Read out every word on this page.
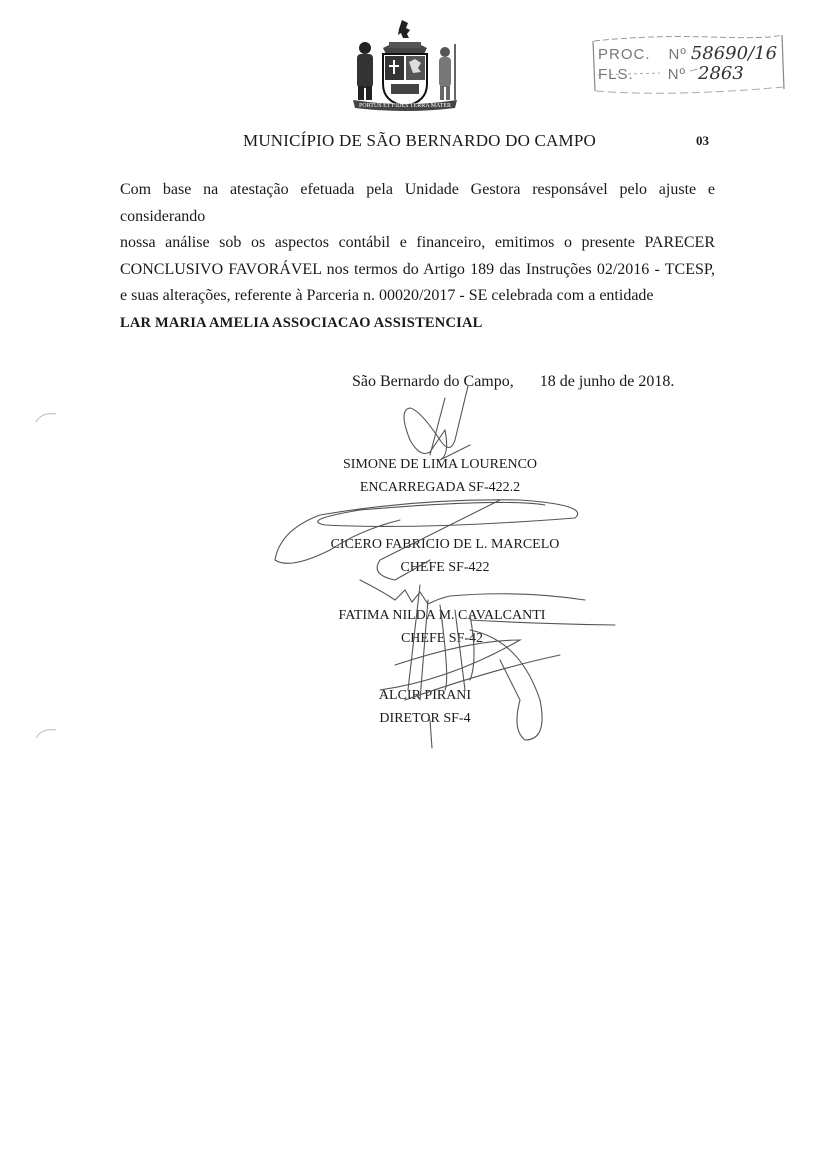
PORTUS ET FIDES TERRA MATER
PROC. Nº 58690/16
FLS. Nº 2863
MUNICÍPIO DE SÃO BERNARDO DO CAMPO	03

Com base na atestação efetuada pela Unidade Gestora responsável pelo ajuste e considerando

nossa análise sob os aspectos contábil e financeiro, emitimos o presente PARECER

CONCLUSIVO FAVORÁVEL nos termos do Artigo 189 das Instruções 02/2016 - TCESP,

e suas alterações, referente à Parceria n. 00020/2017 - SE celebrada com a entidade

LAR MARIA AMELIA ASSOCIACAO ASSISTENCIAL

São Bernardo do Campo, 18 de junho de 2018.
SIMONE DE LIMA LOURENCO
ENCARREGADA SF-422.2
CICERO FABRICIO DE L. MARCELO
CHEFE SF-422
FATIMA NILDA M. CAVALCANTI
CHEFE SF-42
ALCIR PIRANI
DIRETOR SF-4
